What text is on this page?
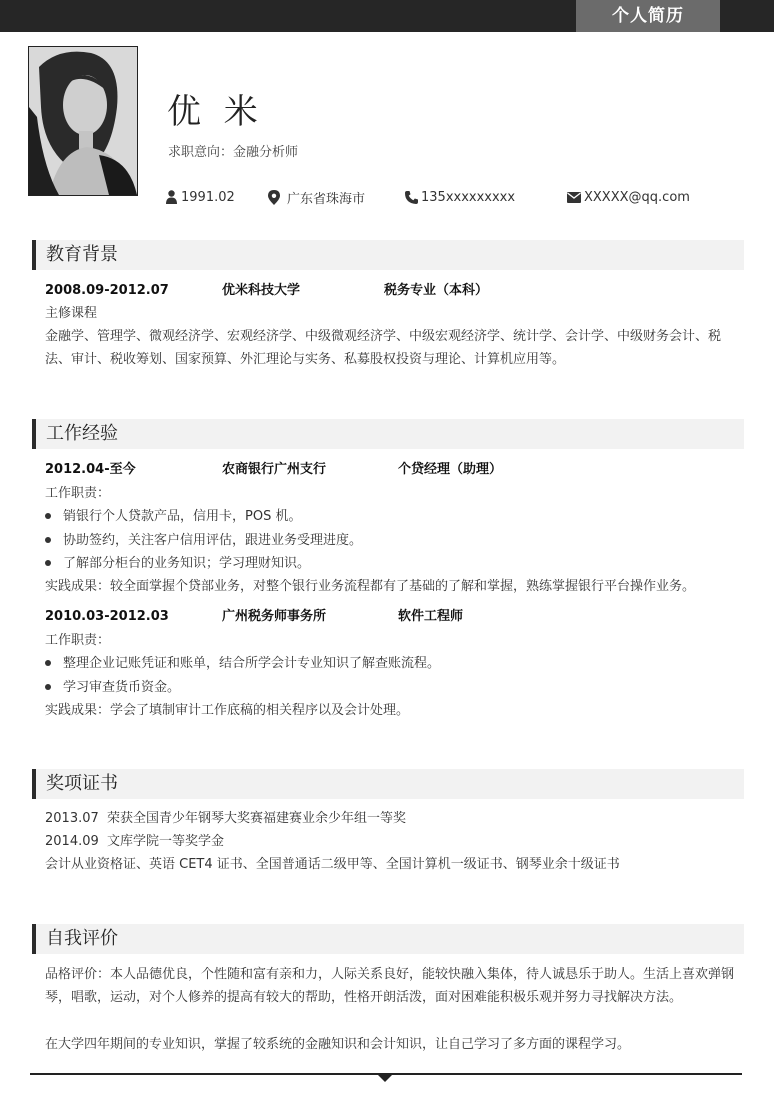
个人简历
优 米
求职意向：金融分析师
1991.02	广东省珠海市	135xxxxxxxxx	XXXXX@qq.com
教育背景
2008.09-2012.07	优米科技大学	税务专业（本科）
主修课程
金融学、管理学、微观经济学、宏观经济学、中级微观经济学、中级宏观经济学、统计学、会计学、中级财务会计、税法、审计、税收筹划、国家预算、外汇理论与实务、私募股权投资与理论、计算机应用等。
工作经验
2012.04-至今	农商银行广州支行	个贷经理（助理）
工作职责：
销银行个人贷款产品，信用卡，POS 机。
协助签约，关注客户信用评估，跟进业务受理进度。
了解部分柜台的业务知识；学习理财知识。
实践成果：较全面掌握个贷部业务，对整个银行业务流程都有了基础的了解和掌握，熟练掌握银行平台操作业务。
2010.03-2012.03	广州税务师事务所	软件工程师
工作职责：
整理企业记账凭证和账单，结合所学会计专业知识了解查账流程。
学习审查货币资金。
实践成果：学会了填制审计工作底稿的相关程序以及会计处理。
奖项证书
2013.07  荣获全国青少年钢琴大奖赛福建赛业余少年组一等奖
2014.09  文库学院一等奖学金
会计从业资格证、英语 CET4 证书、全国普通话二级甲等、全国计算机一级证书、钢琴业余十级证书
自我评价
品格评价：本人品德优良，个性随和富有亲和力，人际关系良好，能较快融入集体，待人诚恳乐于助人。生活上喜欢弹钢琴，唱歌，运动，对个人修养的提高有较大的帮助，性格开朗活泼，面对困难能积极乐观并努力寻找解决方法。
在大学四年期间的专业知识，掌握了较系统的金融知识和会计知识，让自己学习了多方面的课程学习。
